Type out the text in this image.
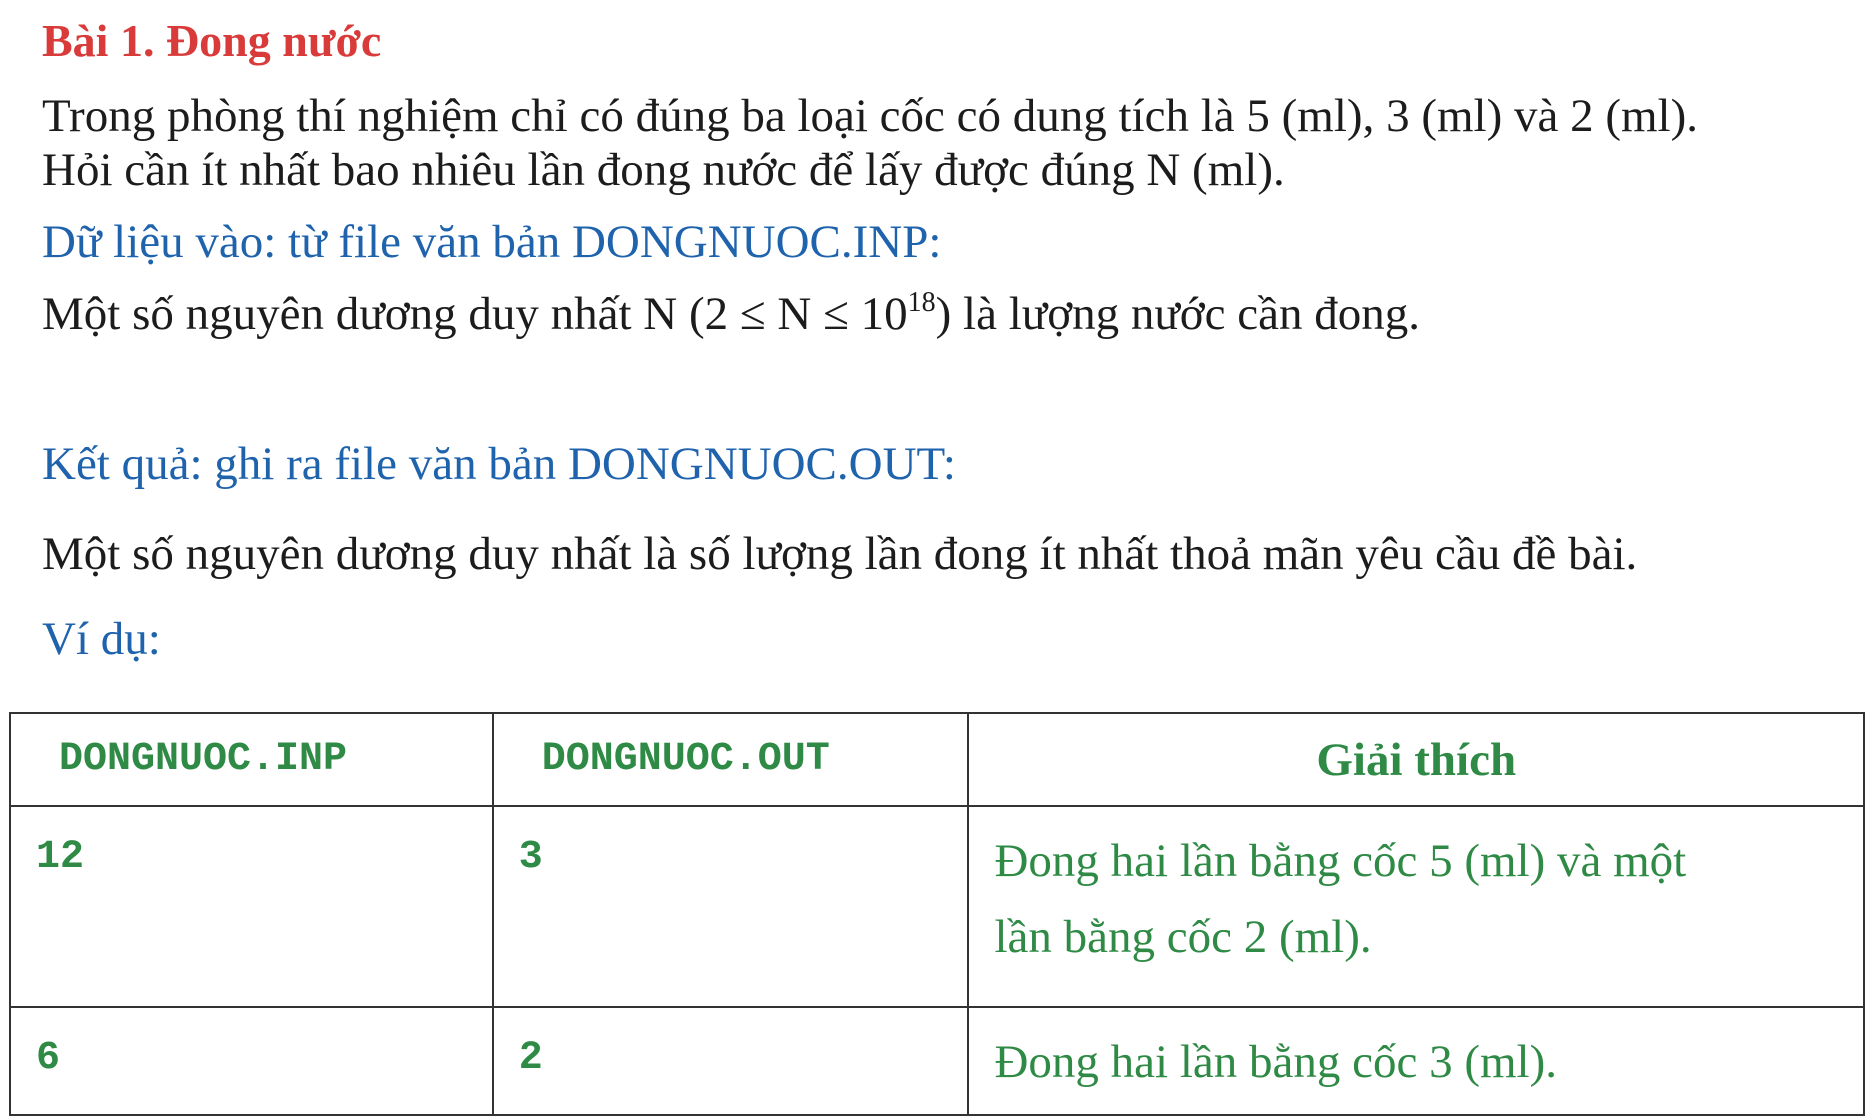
Bài 1. Đong nước
Trong phòng thí nghiệm chỉ có đúng ba loại cốc có dung tích là 5 (ml), 3 (ml) và 2 (ml).
Hỏi cần ít nhất bao nhiêu lần đong nước để lấy được đúng N (ml).
Dữ liệu vào: từ file văn bản DONGNUOC.INP:
Một số nguyên dương duy nhất N $(2 \le N \le 10^{18})$ là lượng nước cần đong.
Kết quả: ghi ra file văn bản DONGNUOC.OUT:
Một số nguyên dương duy nhất là số lượng lần đong ít nhất thoả mãn yêu cầu đề bài.
Ví dụ:
DONGNUOC.INP	DONGNUOC.OUT	Giải thích
12	3	Đong hai lần bằng cốc 5 (ml) và một
lần bằng cốc 2 (ml).
6	2	Đong hai lần bằng cốc 3 (ml).
